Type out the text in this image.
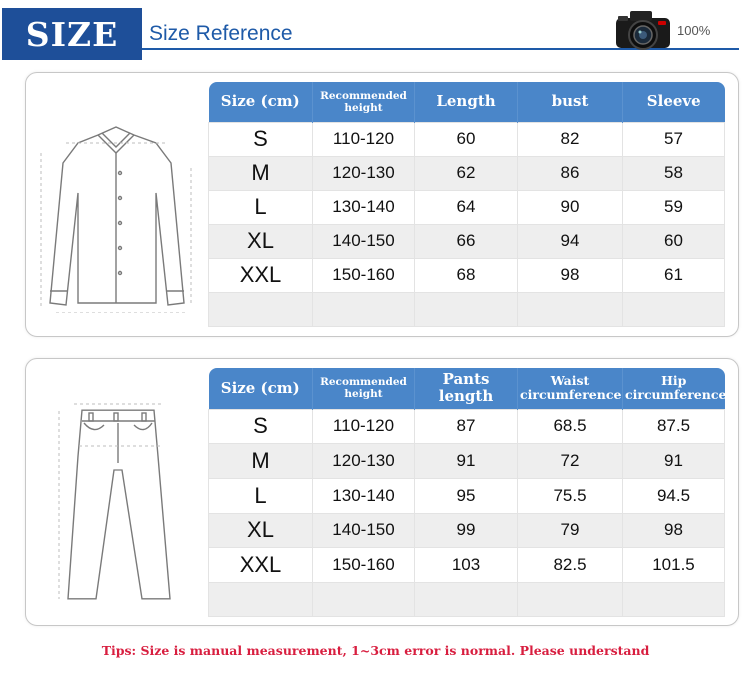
SIZE	Size Reference	100%
Size (cm)	Recommended height	Length	bust	Sleeve
S	110-120	60	82	57
M	120-130	62	86	58
L	130-140	64	90	59
XL	140-150	66	94	60
XXL	150-160	68	98	61

Size (cm)	Recommended height	Pants length	Waist circumference	Hip circumference
S	110-120	87	68.5	87.5
M	120-130	91	72	91
L	130-140	95	75.5	94.5
XL	140-150	99	79	98
XXL	150-160	103	82.5	101.5

Tips: Size is manual measurement, 1~3cm error is normal. Please understand
